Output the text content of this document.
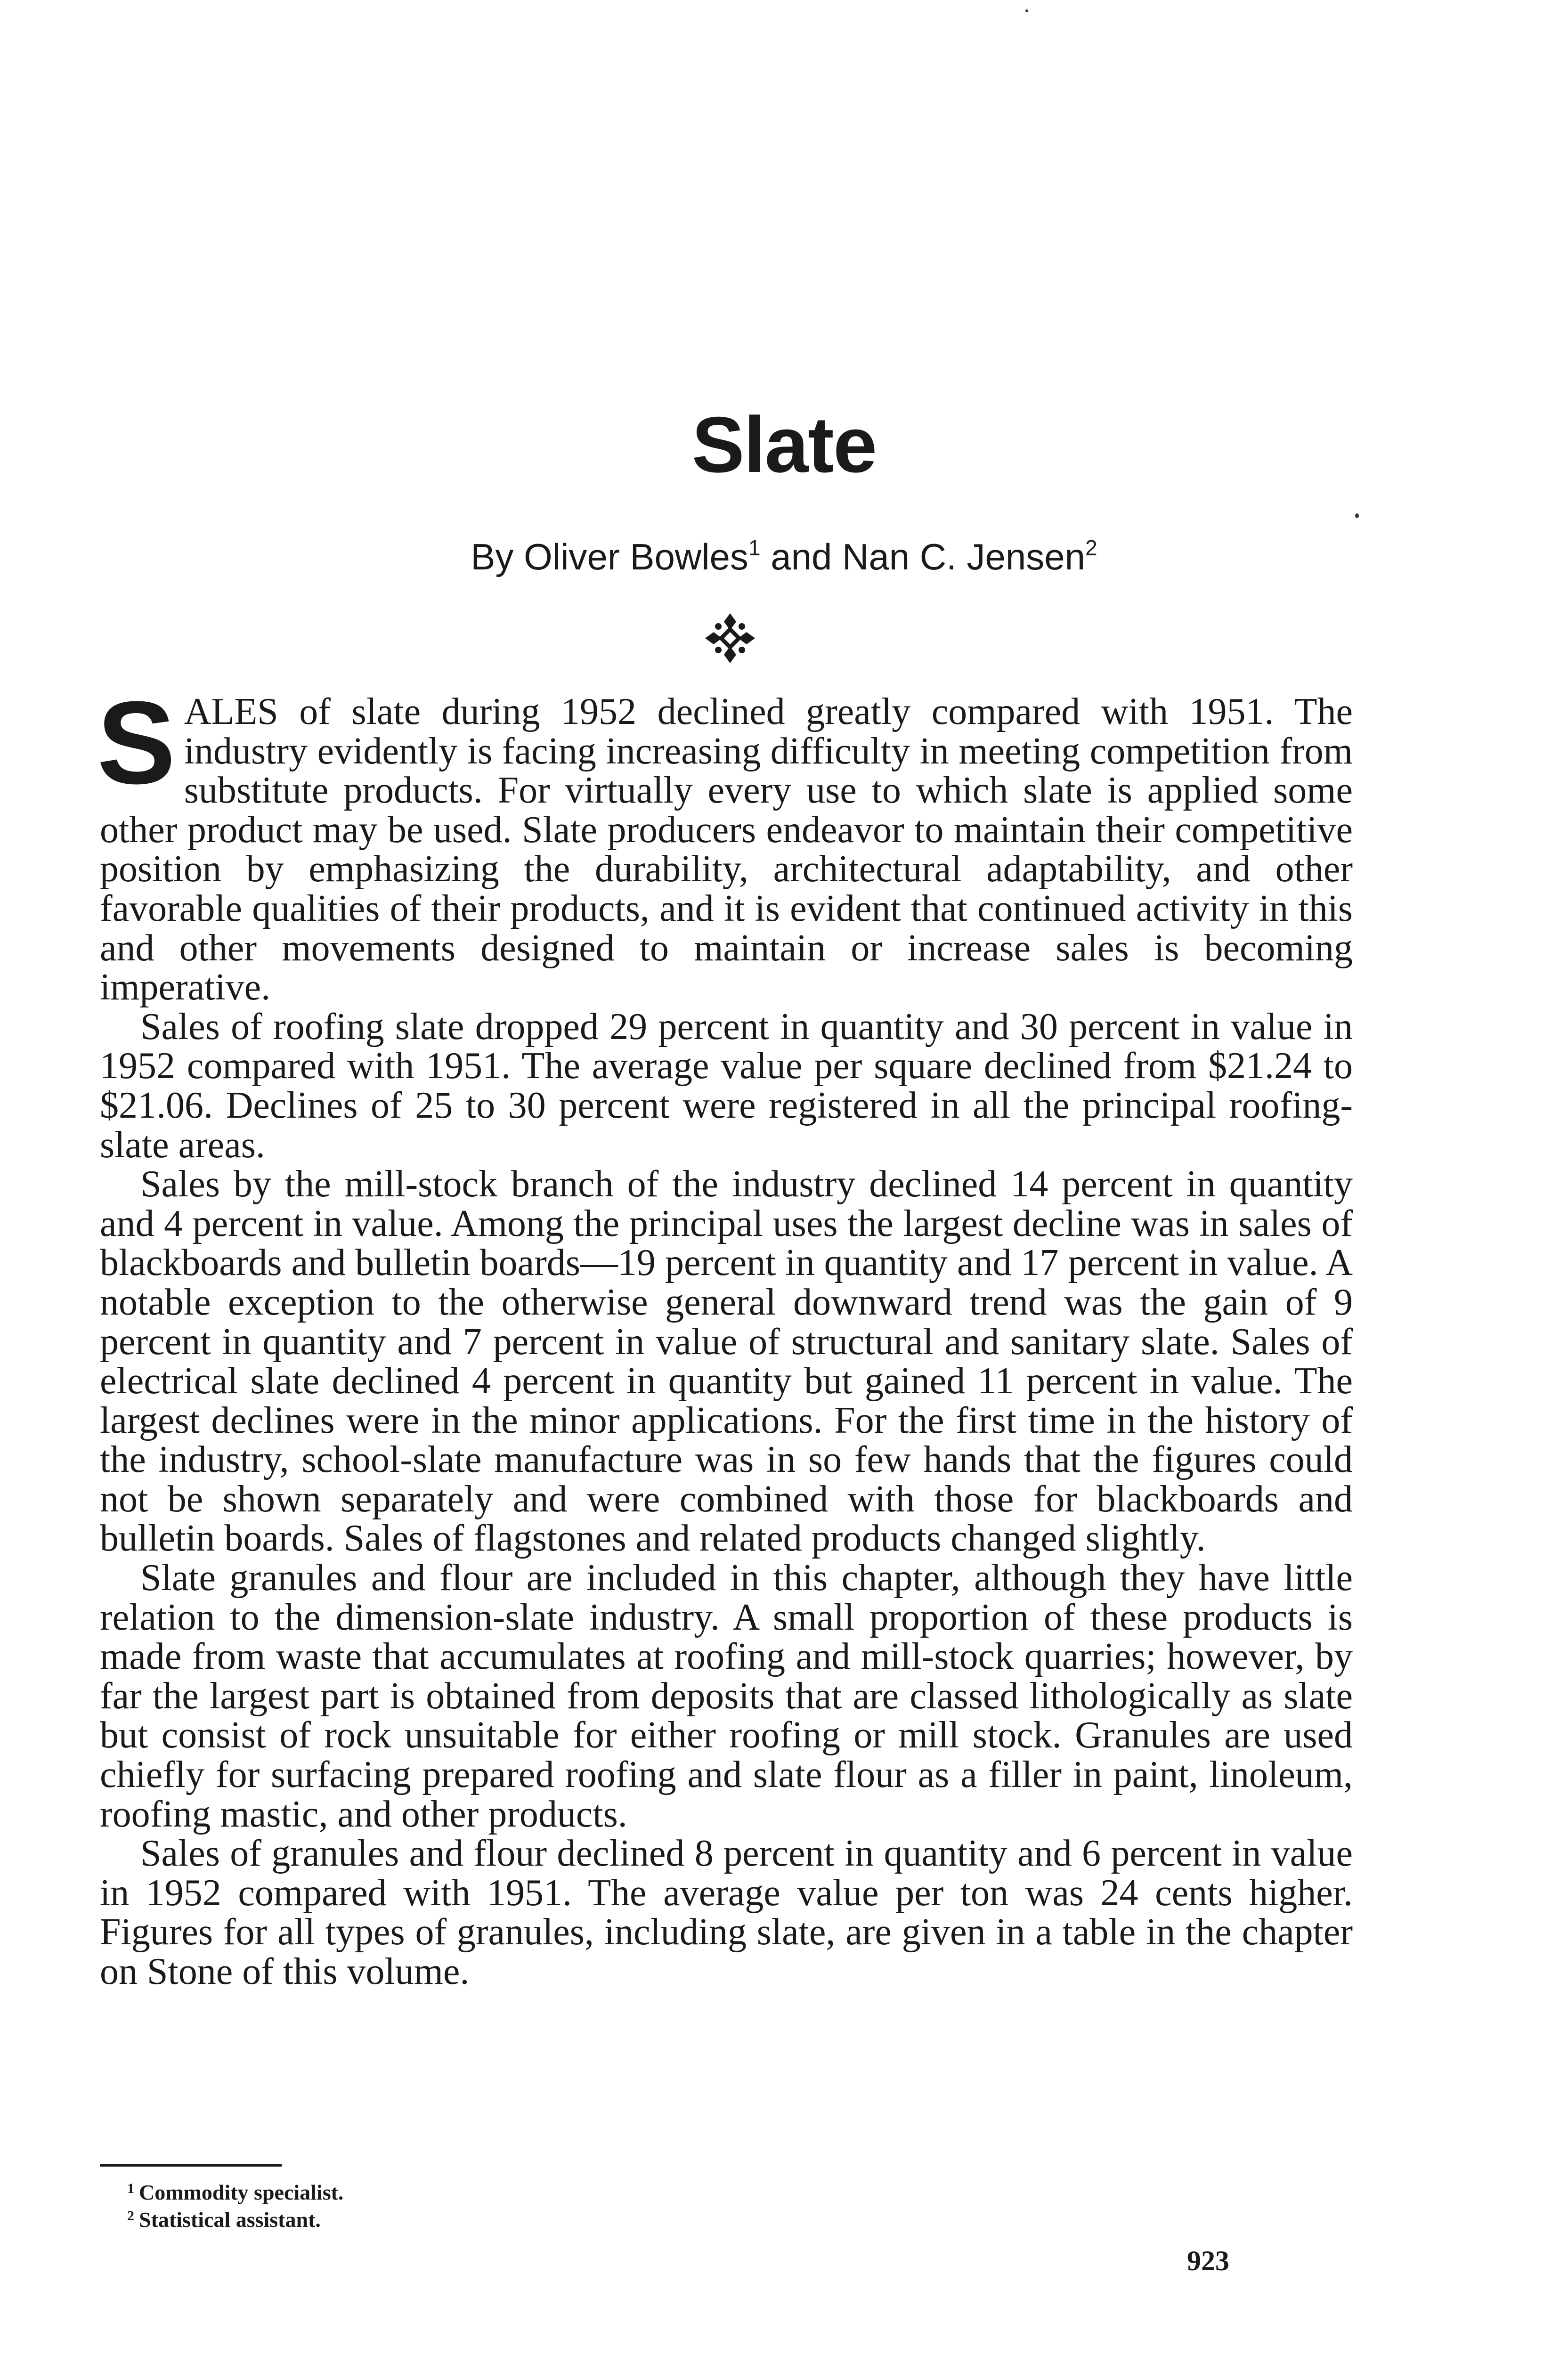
Slate
By Oliver Bowles$^1$ and Nan C. Jensen$^2$

SALES of slate during 1952 declined greatly compared with 1951. The industry evidently is facing increasing difficulty in meeting competition from substitute products. For virtually every use to which slate is applied some other product may be used. Slate producers endeavor to maintain their competitive position by emphasizing the durability, architectural adaptability, and other favorable qualities of their products, and it is evident that continued activity in this and other movements designed to maintain or increase sales is becoming imperative.

Sales of roofing slate dropped 29 percent in quantity and 30 percent in value in 1952 compared with 1951. The average value per square declined from $21.24 to $21.06. Declines of 25 to 30 percent were registered in all the principal roofing-slate areas.

Sales by the mill-stock branch of the industry declined 14 percent in quantity and 4 percent in value. Among the principal uses the largest decline was in sales of blackboards and bulletin boards—19 percent in quantity and 17 percent in value. A notable exception to the otherwise general downward trend was the gain of 9 percent in quantity and 7 percent in value of structural and sanitary slate. Sales of electrical slate declined 4 percent in quantity but gained 11 percent in value. The largest declines were in the minor applications. For the first time in the history of the industry, school-slate manufacture was in so few hands that the figures could not be shown separately and were combined with those for blackboards and bulletin boards. Sales of flagstones and related products changed slightly.

Slate granules and flour are included in this chapter, although they have little relation to the dimension-slate industry. A small proportion of these products is made from waste that accumulates at roofing and mill-stock quarries; however, by far the largest part is obtained from deposits that are classed lithologically as slate but consist of rock unsuitable for either roofing or mill stock. Granules are used chiefly for surfacing prepared roofing and slate flour as a filler in paint, linoleum, roofing mastic, and other products.

Sales of granules and flour declined 8 percent in quantity and 6 percent in value in 1952 compared with 1951. The average value per ton was 24 cents higher. Figures for all types of granules, including slate, are given in a table in the chapter on Stone of this volume.

$^1$ Commodity specialist.
$^2$ Statistical assistant.
923
